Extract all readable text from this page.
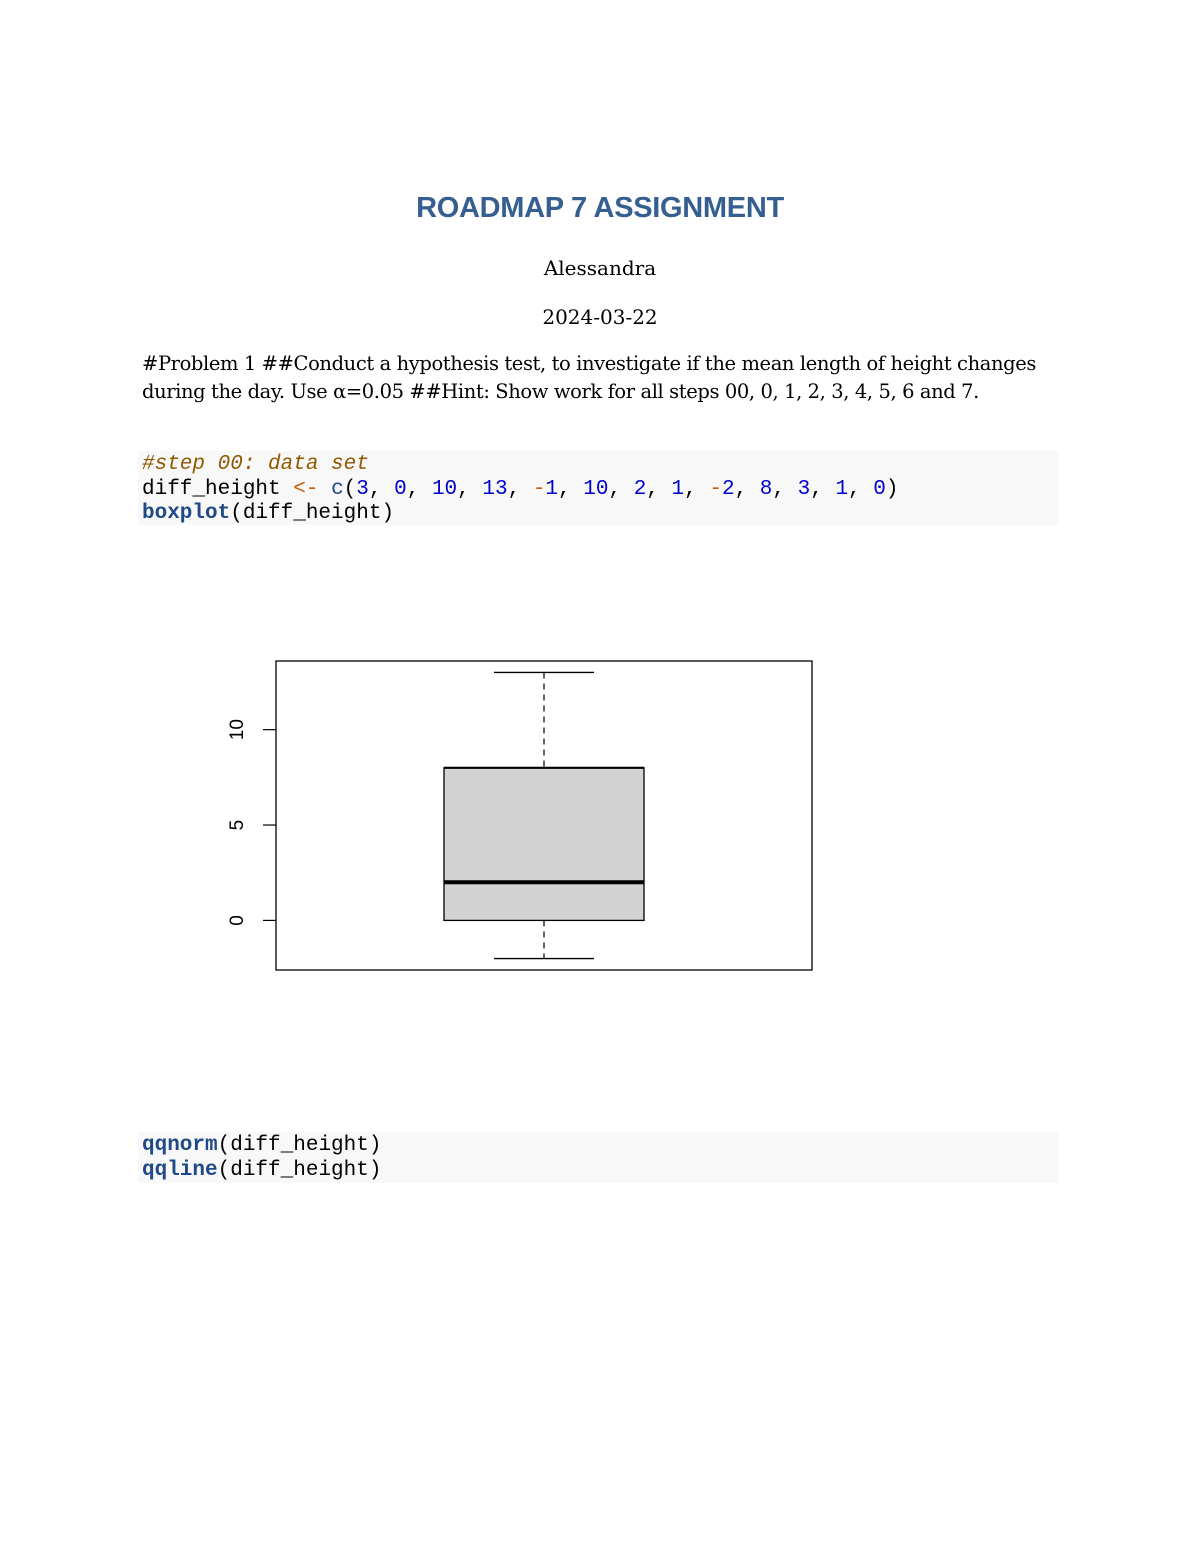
ROADMAP 7 ASSIGNMENT
Alessandra
2024-03-22
#Problem 1 ##Conduct a hypothesis test, to investigate if the mean length of height changes during the day. Use α=0.05 ##Hint: Show work for all steps 00, 0, 1, 2, 3, 4, 5, 6 and 7.
#step 00: data set
diff_height <- c(3, 0, 10, 13, -1, 10, 2, 1, -2, 8, 3, 1, 0)
boxplot(diff_height)
0
5
10
qqnorm(diff_height)
qqline(diff_height)
